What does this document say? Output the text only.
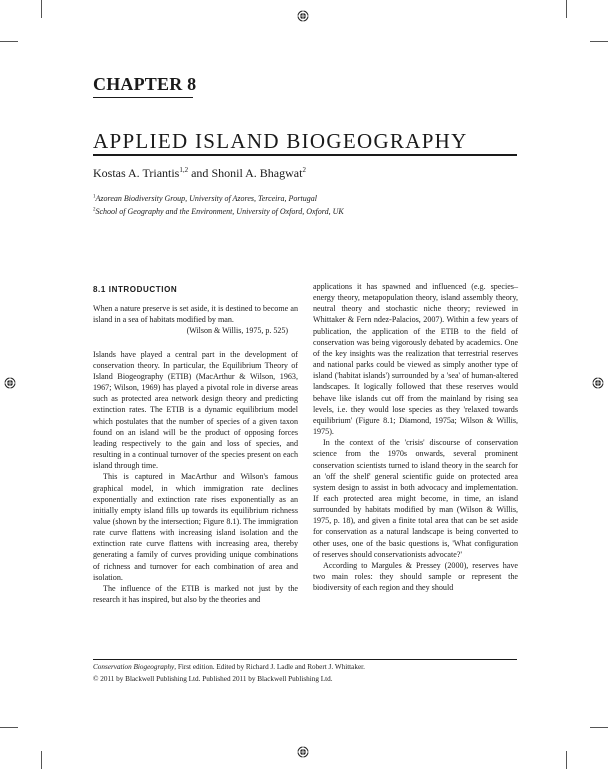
CHAPTER 8
APPLIED ISLAND BIOGEOGRAPHY
Kostas A. Triantis$^{1,2}$ and Shonil A. Bhagwat$^2$
$^1$Azorean Biodiversity Group, University of Azores, Terceira, Portugal
$^2$School of Geography and the Environment, University of Oxford, Oxford, UK
8.1 INTRODUCTION

When a nature preserve is set aside, it is destined to become an island in a sea of habitats modified by man.

(Wilson & Willis, 1975, p. 525)

Islands have played a central part in the development of conservation theory. In particular, the Equilibrium Theory of Island Biogeography (ETIB) (MacArthur & Wilson, 1963, 1967; Wilson, 1969) has played a pivotal role in diverse areas such as protected area network design theory and predicting extinction rates. The ETIB is a dynamic equilibrium model which postulates that the number of species of a given taxon found on an island will be the product of opposing forces leading respectively to the gain and loss of species, and resulting in a continual turnover of the species present on each island through time.

This is captured in MacArthur and Wilson's famous graphical model, in which immigration rate declines exponentially and extinction rate rises exponentially as an initially empty island fills up towards its equilibrium richness value (shown by the intersection; Figure 8.1). The immigration rate curve flattens with increasing island isolation and the extinction rate curve flattens with increasing area, thereby generating a family of curves providing unique combinations of richness and turnover for each combination of area and isolation.

The influence of the ETIB is marked not just by the research it has inspired, but also by the theories and

applications it has spawned and influenced (e.g. species–energy theory, metapopulation theory, island assembly theory, neutral theory and stochastic niche theory; reviewed in Whittaker & Fern ndez-Palacios, 2007). Within a few years of publication, the application of the ETIB to the field of conservation was being vigorously debated by academics. One of the key insights was the realization that terrestrial reserves and national parks could be viewed as simply another type of island ('habitat islands') surrounded by a 'sea' of human-altered landscapes. It logically followed that these reserves would behave like islands cut off from the mainland by rising sea levels, i.e. they would lose species as they 'relaxed towards equilibrium' (Figure 8.1; Diamond, 1975a; Wilson & Willis, 1975).

In the context of the 'crisis' discourse of conservation science from the 1970s onwards, several prominent conservation scientists turned to island theory in the search for an 'off the shelf' general scientific guide on protected area system design to assist in both advocacy and implementation. If each protected area might become, in time, an island surrounded by habitats modified by man (Wilson & Willis, 1975, p. 18), and given a finite total area that can be set aside for conservation as a natural landscape is being converted to other uses, one of the basic questions is, 'What configuration of reserves should conservationists advocate?'

According to Margules & Pressey (2000), reserves have two main roles: they should sample or represent the biodiversity of each region and they should

Conservation Biogeography, First edition. Edited by Richard J. Ladle and Robert J. Whittaker.
© 2011 by Blackwell Publishing Ltd. Published 2011 by Blackwell Publishing Ltd.
